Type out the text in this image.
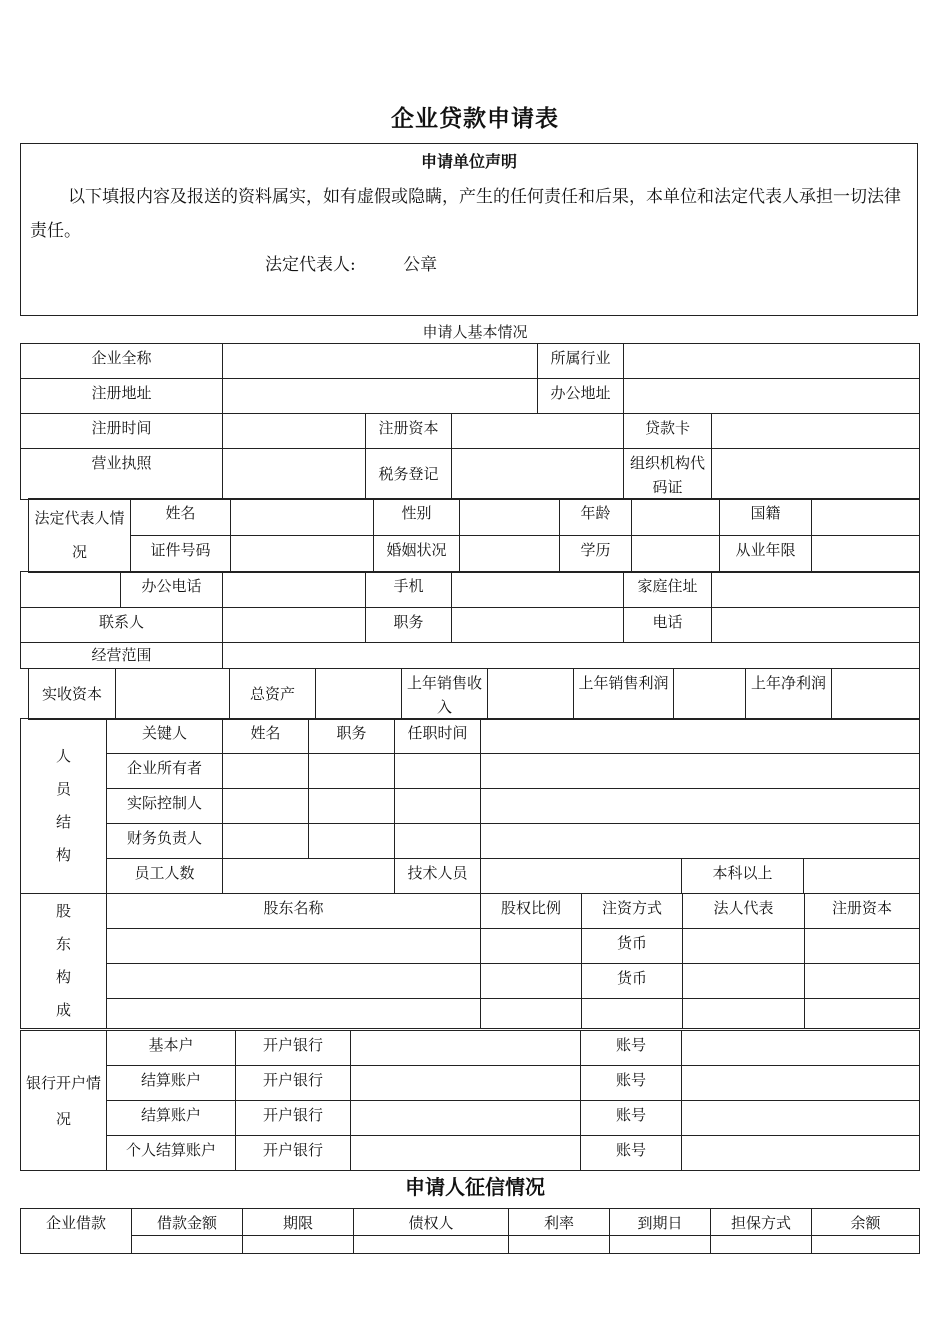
企业贷款申请表
申请单位声明
以下填报内容及报送的资料属实，如有虚假或隐瞒，产生的任何责任和后果，本单位和法定代表人承担一切法律责任。
法定代表人:	公章
申请人基本情况
企业全称		所属行业	
注册地址		办公地址	
注册时间		注册资本		贷款卡	
营业执照		税务登记		组织机构代码证	
法定代表人情况	姓名		性别		年龄		国籍	
	证件号码		婚姻状况		学历		从业年限	
	办公电话		手机		家庭住址	
联系人			职务		电话	
经营范围						
实收资本		总资产		上年销售收入		上年销售利润		上年净利润	
人员结构	关键人	姓名	职务	任职时间			
	企业所有者						
	实际控制人						
	财务负责人						
	员工人数			技术人员		本科以上	
股东构成	股东名称	股权比例	注资方式	法人代表	注册资本
			货币		
			货币		

银行开户情况	基本户	开户银行		账号	
	结算账户	开户银行		账号	
	结算账户	开户银行		账号	
	个人结算账户	开户银行		账号	
申请人征信情况
企业借款	借款金额	期限	债权人	利率	到期日	担保方式	余额
